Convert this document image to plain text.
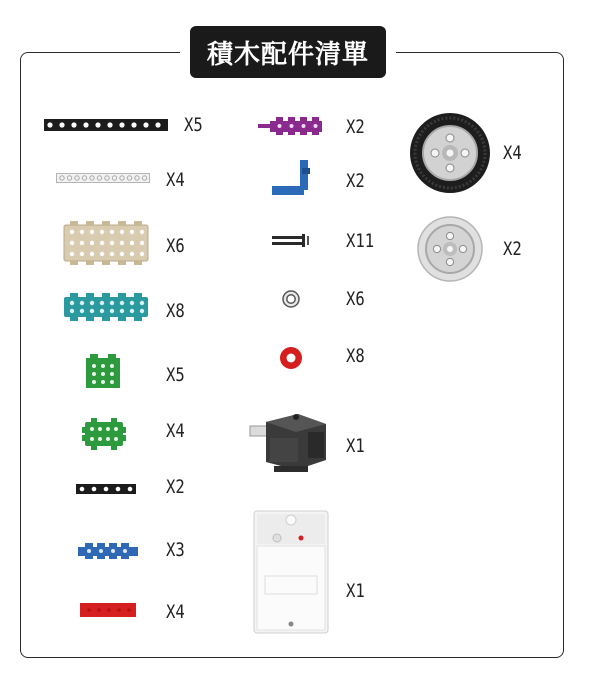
積木配件清單
X5
X4
X6
X8
X5
X4
X2
X3
X4
X2
X2
X11
X6
X8
X1
X1
X4
X2
